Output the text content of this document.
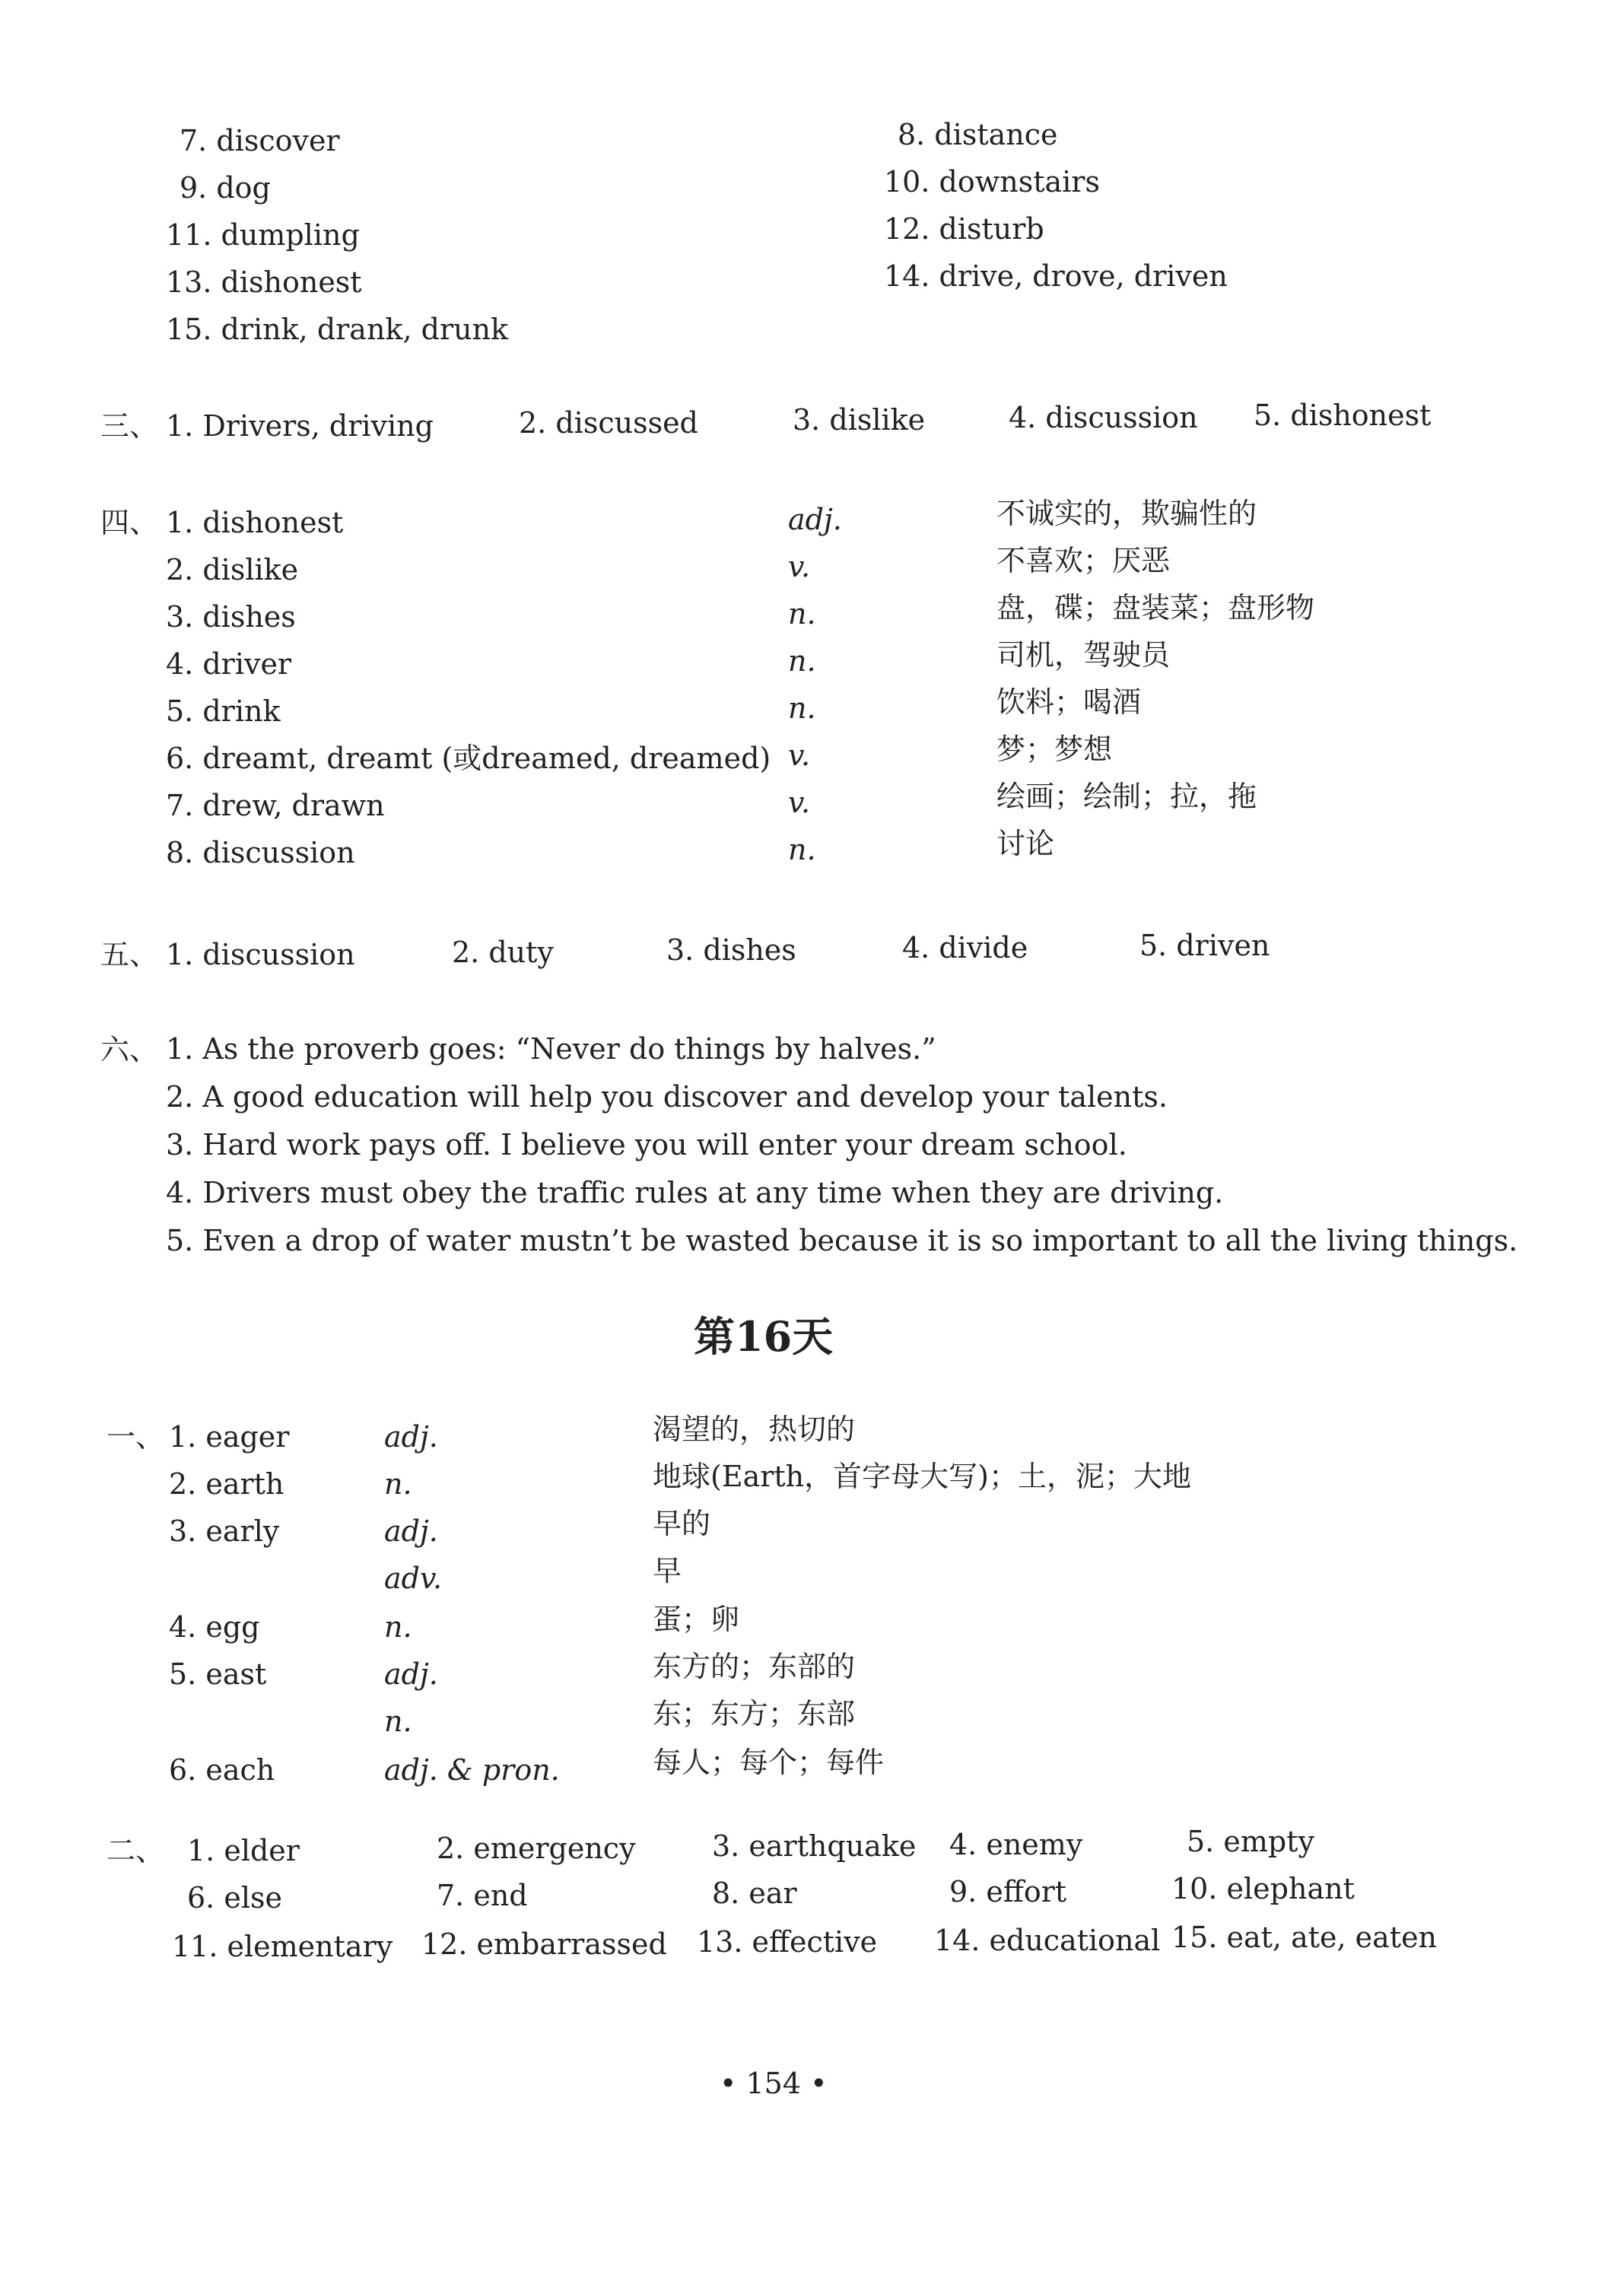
7. discover
9. dog
11. dumpling
13. dishonest
15. drink, drank, drunk
8. distance
10. downstairs
12. disturb
14. drive, drove, driven
三、 1. Drivers, driving	2. discussed	3. dislike	4. discussion 5. dishonest
四、 1. dishonest	adj.	不诚实的，欺骗性的
2. dislike	v.	不喜欢；厌恶
3. dishes	n.	盘，碟；盘装菜；盘形物
4. driver	n.	司机，驾驶员
5. drink	n.	饮料；喝酒
6. dreamt, dreamt (或dreamed, dreamed) v.	梦；梦想
7. drew, drawn	v.	绘画；绘制；拉，拖
8. discussion	n.	讨论
五、 1. discussion	2. duty	3. dishes	4. divide	5. driven
六、 1. As the proverb goes: “Never do things by halves.”
2. A good education will help you discover and develop your talents.
3. Hard work pays off. I believe you will enter your dream school.
4. Drivers must obey the traffic rules at any time when they are driving.
5. Even a drop of water mustn’t be wasted because it is so important to all the living things.
第16天
一、 1. eager	adj.	渴望的，热切的
2. earth	n.	地球(Earth，首字母大写)；土，泥；大地
3. early	adj.	早的
adv.	早
4. egg	n.	蛋；卵
5. east	adj.	东方的；东部的
n.	东；东方；东部
6. each	adj. & pron.	每人；每个；每件
二、 1. elder	2. emergency	3. earthquake 4. enemy	5. empty
6. else	7. end	8. ear	9. effort	10. elephant
11. elementary 12. embarrassed 13. effective 14. educational 15. eat, ate, eaten
• 154 •
